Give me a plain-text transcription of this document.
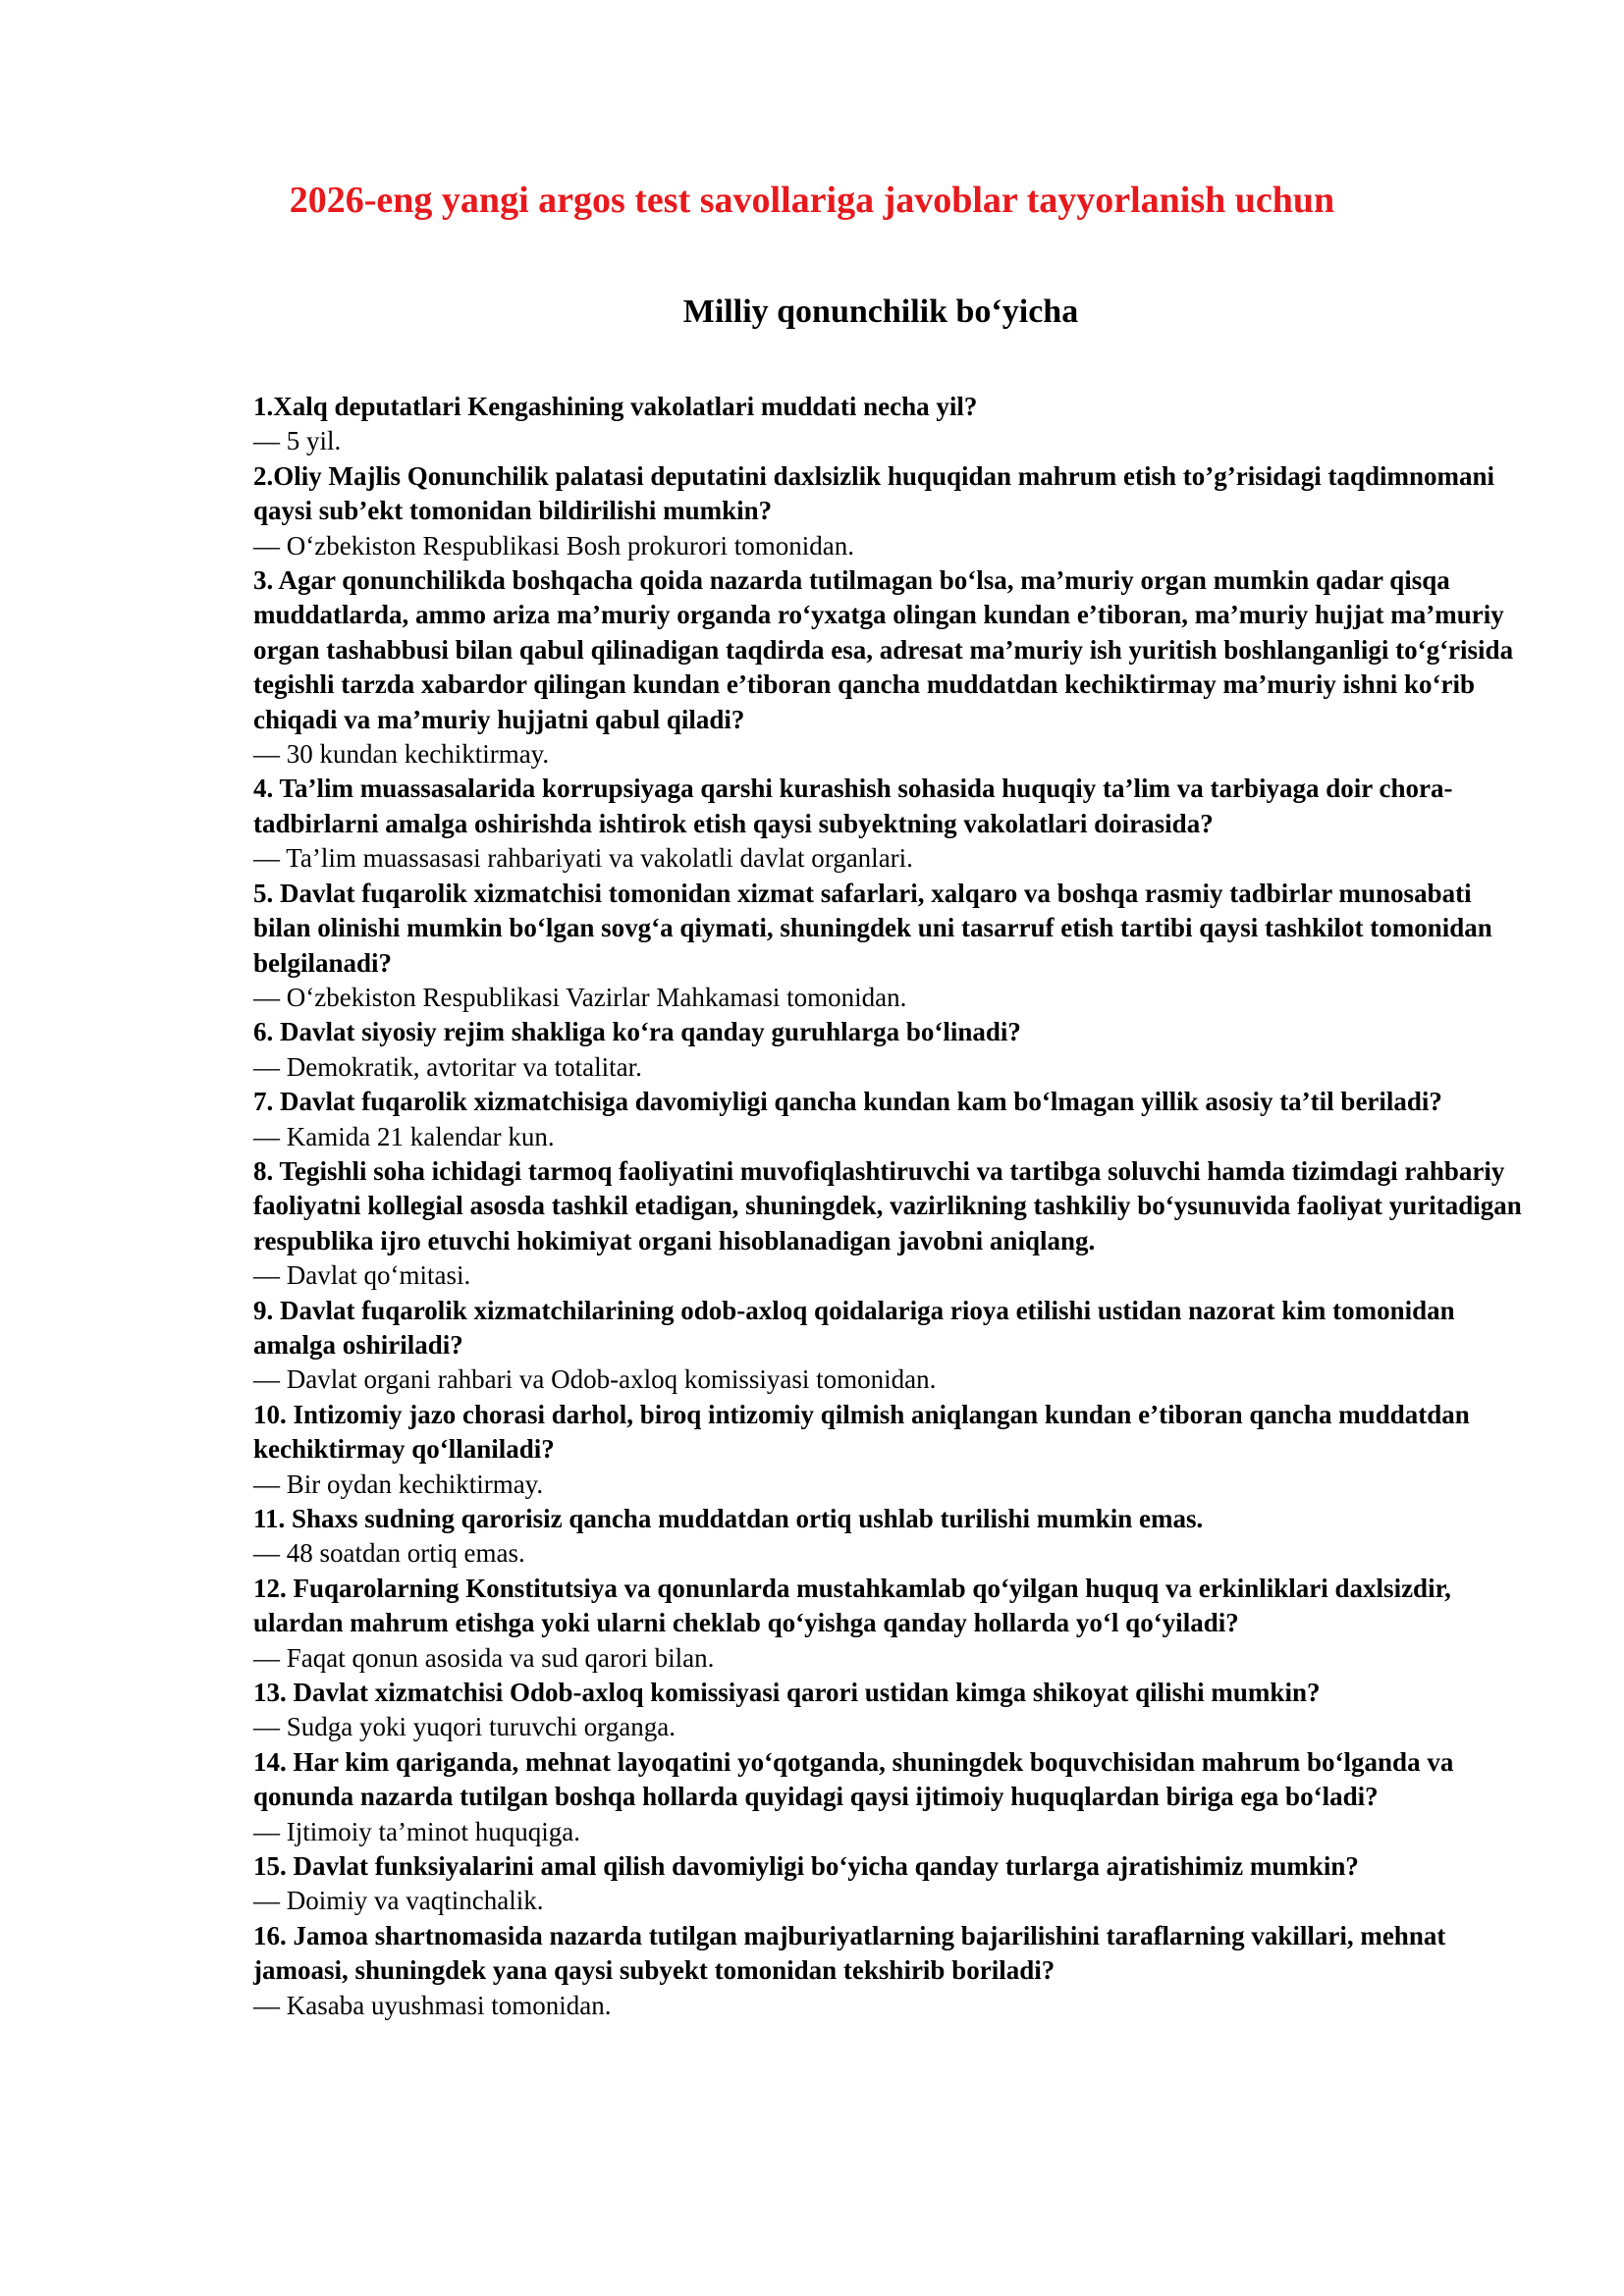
2026-eng yangi argos test savollariga javoblar tayyorlanish uchun
Milliy qonunchilik bo‘yicha

1.Xalq deputatlari Kengashining vakolatlari muddati necha yil?

— 5 yil.

2.Oliy Majlis Qonunchilik palatasi deputatini daxlsizlik huquqidan mahrum etish to’g’risidagi taqdimnomani qaysi sub’ekt tomonidan bildirilishi mumkin?

— O‘zbekiston Respublikasi Bosh prokurori tomonidan.

3. Agar qonunchilikda boshqacha qoida nazarda tutilmagan bo‘lsa, ma’muriy organ mumkin qadar qisqa muddatlarda, ammo ariza ma’muriy organda ro‘yxatga olingan kundan e’tiboran, ma’muriy hujjat ma’muriy organ tashabbusi bilan qabul qilinadigan taqdirda esa, adresat ma’muriy ish yuritish boshlanganligi to‘g‘risida tegishli tarzda xabardor qilingan kundan e’tiboran qancha muddatdan kechiktirmay ma’muriy ishni ko‘rib chiqadi va ma’muriy hujjatni qabul qiladi?

— 30 kundan kechiktirmay.

4. Ta’lim muassasalarida korrupsiyaga qarshi kurashish sohasida huquqiy ta’lim va tarbiyaga doir chora-tadbirlarni amalga oshirishda ishtirok etish qaysi subyektning vakolatlari doirasida?

— Ta’lim muassasasi rahbariyati va vakolatli davlat organlari.

5. Davlat fuqarolik xizmatchisi tomonidan xizmat safarlari, xalqaro va boshqa rasmiy tadbirlar munosabati bilan olinishi mumkin bo‘lgan sovg‘a qiymati, shuningdek uni tasarruf etish tartibi qaysi tashkilot tomonidan belgilanadi?

— O‘zbekiston Respublikasi Vazirlar Mahkamasi tomonidan.

6. Davlat siyosiy rejim shakliga ko‘ra qanday guruhlarga bo‘linadi?

— Demokratik, avtoritar va totalitar.

7. Davlat fuqarolik xizmatchisiga davomiyligi qancha kundan kam bo‘lmagan yillik asosiy ta’til beriladi?

— Kamida 21 kalendar kun.

8. Tegishli soha ichidagi tarmoq faoliyatini muvofiqlashtiruvchi va tartibga soluvchi hamda tizimdagi rahbariy faoliyatni kollegial asosda tashkil etadigan, shuningdek, vazirlikning tashkiliy bo‘ysunuvida faoliyat yuritadigan respublika ijro etuvchi hokimiyat organi hisoblanadigan javobni aniqlang.

— Davlat qo‘mitasi.

9. Davlat fuqarolik xizmatchilarining odob-axloq qoidalariga rioya etilishi ustidan nazorat kim tomonidan amalga oshiriladi?

— Davlat organi rahbari va Odob-axloq komissiyasi tomonidan.

10. Intizomiy jazo chorasi darhol, biroq intizomiy qilmish aniqlangan kundan e’tiboran qancha muddatdan kechiktirmay qo‘llaniladi?

— Bir oydan kechiktirmay.

11. Shaxs sudning qarorisiz qancha muddatdan ortiq ushlab turilishi mumkin emas.

— 48 soatdan ortiq emas.

12. Fuqarolarning Konstitutsiya va qonunlarda mustahkamlab qo‘yilgan huquq va erkinliklari daxlsizdir, ulardan mahrum etishga yoki ularni cheklab qo‘yishga qanday hollarda yo‘l qo‘yiladi?

— Faqat qonun asosida va sud qarori bilan.

13. Davlat xizmatchisi Odob-axloq komissiyasi qarori ustidan kimga shikoyat qilishi mumkin?

— Sudga yoki yuqori turuvchi organga.

14. Har kim qariganda, mehnat layoqatini yo‘qotganda, shuningdek boquvchisidan mahrum bo‘lganda va qonunda nazarda tutilgan boshqa hollarda quyidagi qaysi ijtimoiy huquqlardan biriga ega bo‘ladi?

— Ijtimoiy ta’minot huquqiga.

15. Davlat funksiyalarini amal qilish davomiyligi bo‘yicha qanday turlarga ajratishimiz mumkin?

— Doimiy va vaqtinchalik.

16. Jamoa shartnomasida nazarda tutilgan majburiyatlarning bajarilishini taraflarning vakillari, mehnat jamoasi, shuningdek yana qaysi subyekt tomonidan tekshirib boriladi?

— Kasaba uyushmasi tomonidan.
